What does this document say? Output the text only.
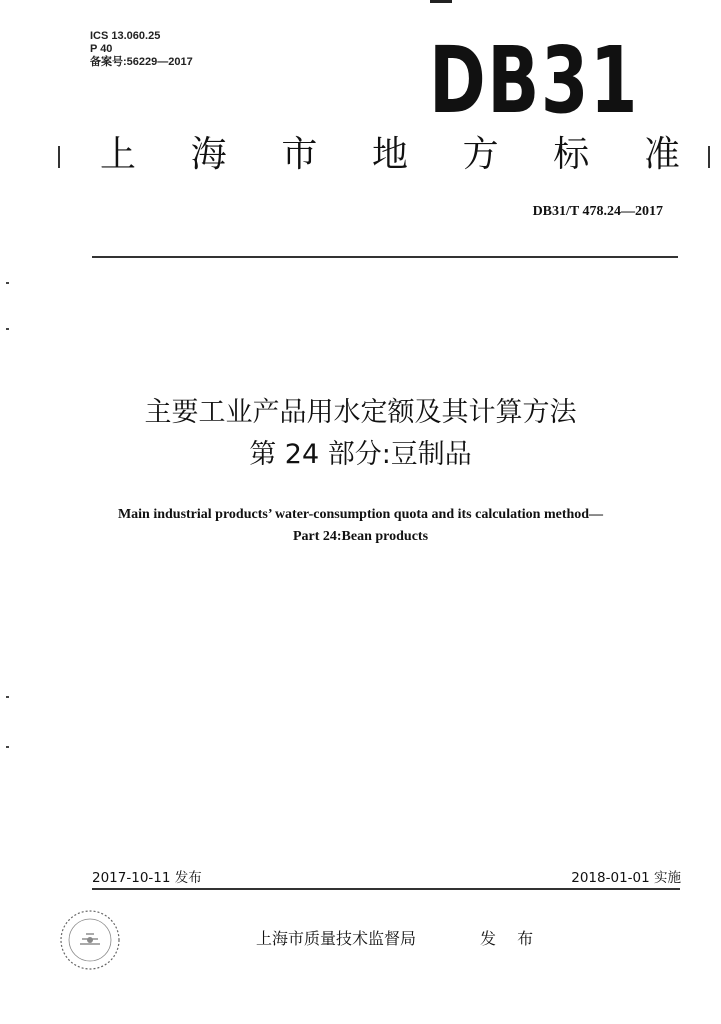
ICS 13.060.25
P 40
备案号:56229—2017	DB31
上 海 市 地 方 标 准
DB31/T 478.24—2017
主要工业产品用水定额及其计算方法
第 24 部分:豆制品
Main industrial products’ water-consumption quota and its calculation method—
Part 24:Bean products
2017-10-11 发布	2018-01-01 实施
上海市质量技术监督局	发 布
